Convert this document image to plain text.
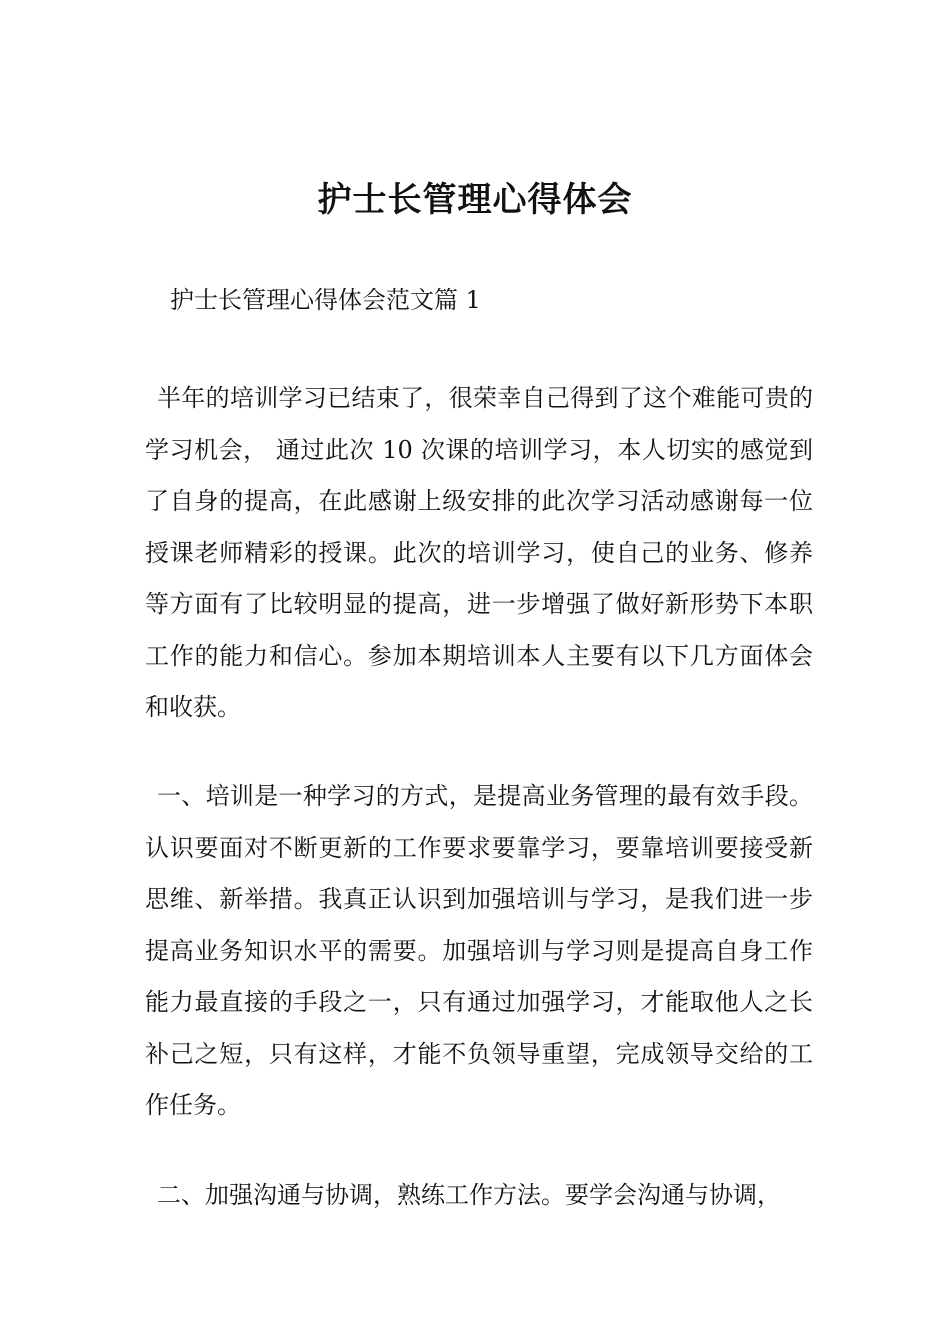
护士长管理心得体会

护士长管理心得体会范文篇 1

半年的培训学习已结束了，很荣幸自己得到了这个难能可贵的学习机会， 通过此次 10 次课的培训学习，本人切实的感觉到了自身的提高，在此感谢上级安排的此次学习活动感谢每一位授课老师精彩的授课。此次的培训学习，使自己的业务、修养等方面有了比较明显的提高，进一步增强了做好新形势下本职工作的能力和信心。参加本期培训本人主要有以下几方面体会和收获。

一、培训是一种学习的方式，是提高业务管理的最有效手段。认识要面对不断更新的工作要求要靠学习，要靠培训要接受新思维、新举措。我真正认识到加强培训与学习，是我们进一步提高业务知识水平的需要。加强培训与学习则是提高自身工作能力最直接的手段之一，只有通过加强学习，才能取他人之长补己之短，只有这样，才能不负领导重望，完成领导交给的工作任务。

二、加强沟通与协调，熟练工作方法。要学会沟通与协调，
